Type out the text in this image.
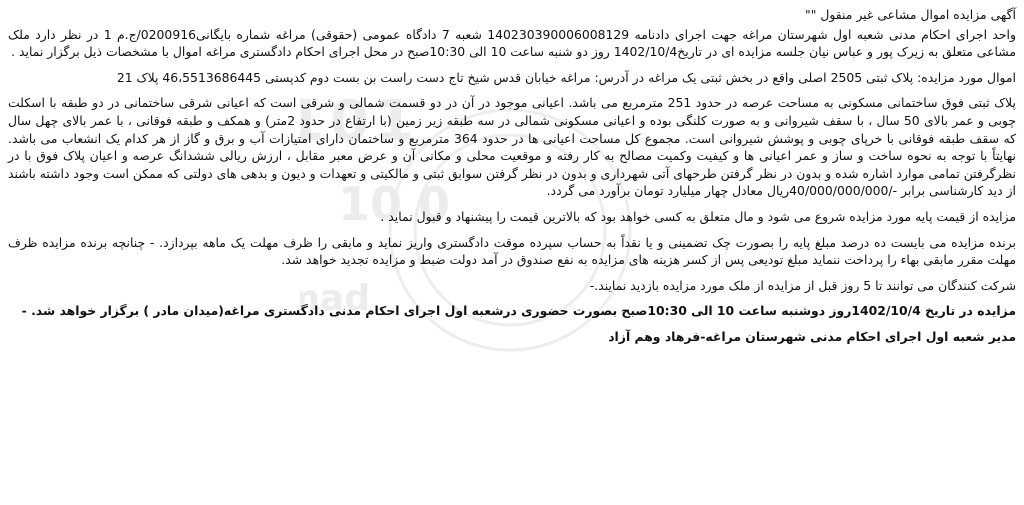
101
0 10
mad

آگهی مزایده اموال مشاعی غیر منقول ""

واحد اجرای احکام مدنی شعبه اول شهرستان مراغه جهت اجرای دادنامه 140230390006008129 شعبه 7 دادگاه عمومی (حقوقی) مراغه شماره بایگانی0200916/ج.م 1 در نظر دارد ملک مشاعی متعلق به زیرک پور و عباس نیان جلسه مزایده ای در تاریخ1402/10/4 روز دو شنبه ساعت 10 الی 10:30صبح در محل اجرای احکام دادگستری مراغه اموال با مشخصات ذیل برگزار نماید .

اموال مورد مزایده: پلاک ثبتی 2505 اصلی واقع در بخش ثبتی یک مراغه در آدرس: مراغه خیابان قدس شیخ تاج دست راست بن بست دوم کدپستی 46،5513686445 پلاک 21

پلاک ثبتی فوق ساختمانی مسکونی به مساحت عرصه در حدود 251 مترمربع می باشد. اعیانی موجود در آن در دو قسمت شمالی و شرقی است که اعیانی شرقی ساختمانی در دو طبقه با اسکلت چوبی و عمر بالای 50 سال ، با سقف شیروانی و به صورت کلنگی بوده و اعیانی مسکونی شمالی در سه طبقه زیر زمین (با ارتفاع در حدود 2متر) و همکف و طبقه فوقانی ، با عمر بالای چهل سال که سقف طبقه فوقانی با خرپای چوبی و پوشش شیروانی است. مجموع کل مساحت اعیانی ها در حدود 364 مترمربع و ساختمان دارای امتیازات آب و برق و گاز از هر کدام یک انشعاب می باشد. نهایتاً با توجه به نحوه ساخت و ساز و عمر اعیانی ها و کیفیت وکمیت مصالح به کار رفته و موقعیت محلی و مکانی آن و عرض معبر مقابل ، ارزش ریالی ششدانگ عرصه و اعیان پلاک فوق با در نظرگرفتن تمامی موارد اشاره شده و بدون در نظر گرفتن طرحهای آتی شهرداری و بدون در نظر گرفتن سوابق ثبتی و مالکیتی و تعهدات و دیون و بدهی های دولتی که ممکن است وجود داشته باشند از دید کارشناسی برابر -/40/000/000/000ریال معادل چهار میلیارد تومان برآورد می گردد.

مزایده از قیمت پایه مورد مزایده شروع می شود و مال متعلق به کسی خواهد بود که بالاترین قیمت را پیشنهاد و قبول نماید .

برنده مزایده می بایست ده درصد مبلغ پایه را بصورت چک تضمینی و یا نقداً به حساب سپرده موقت دادگستری واریز نماید و مابقی را ظرف مهلت یک ماهه بپردازد. - چنانچه برنده مزایده ظرف مهلت مقرر مابقی بهاء را پرداخت ننماید مبلغ تودیعی پس از کسر هزینه های مزایده به نفع صندوق در آمد دولت ضبط و مزایده تجدید خواهد شد.

شرکت کنندگان می توانند تا 5 روز قبل از مزایده از ملک مورد مزایده بازدید نمایند.-

مزایده در تاریخ 1402/10/4روز دوشنبه ساعت 10 الی 10:30صبح بصورت حضوری درشعبه اول اجرای احکام مدنی دادگستری مراغه(میدان مادر ) برگزار خواهد شد. -

مدیر شعبه اول اجرای احکام مدنی شهرستان مراغه-فرهاد وهم آزاد
